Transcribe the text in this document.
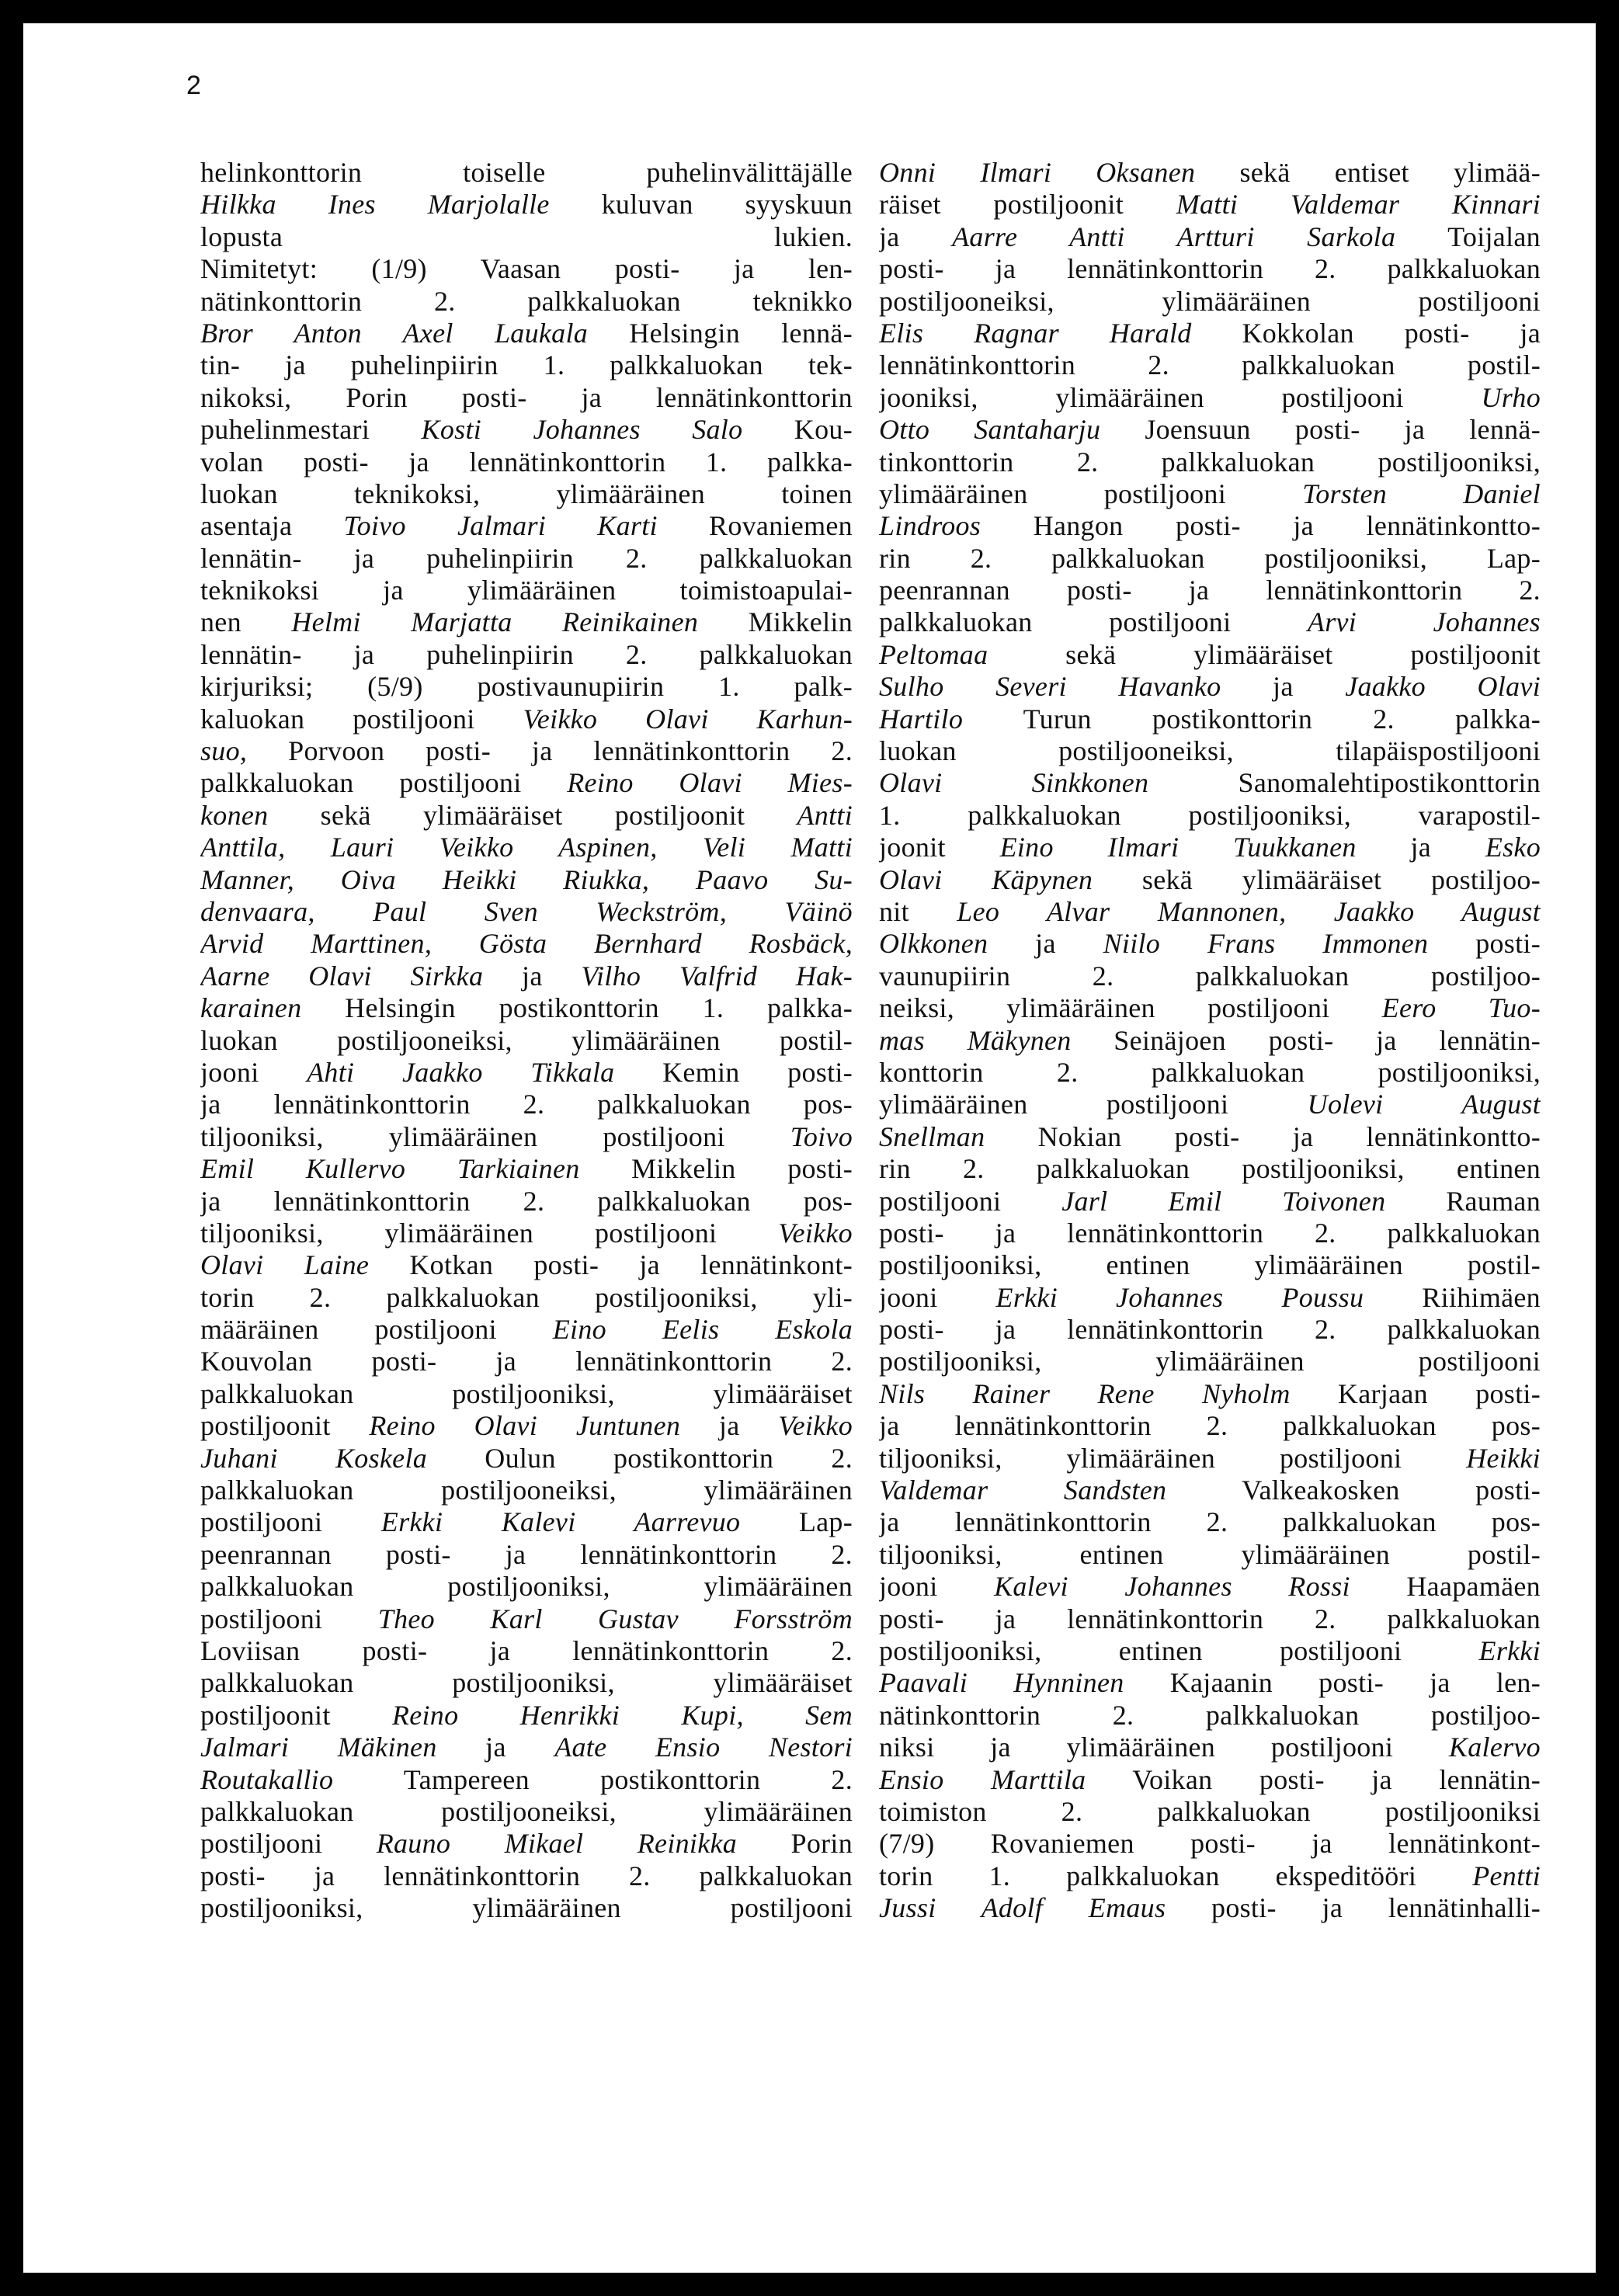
2
helinkonttorin toiselle puhelinvälittäjälle
Hilkka Ines Marjolalle kuluvan syyskuun
lopusta lukien.
Nimitetyt: (1/9) Vaasan posti- ja len-
nätinkonttorin 2. palkkaluokan teknikko
Bror Anton Axel Laukala Helsingin lennä-
tin- ja puhelinpiirin 1. palkkaluokan tek-
nikoksi, Porin posti- ja lennätinkonttorin
puhelinmestari Kosti Johannes Salo Kou-
volan posti- ja lennätinkonttorin 1. palkka-
luokan teknikoksi, ylimääräinen toinen
asentaja Toivo Jalmari Karti Rovaniemen
lennätin- ja puhelinpiirin 2. palkkaluokan
teknikoksi ja ylimääräinen toimistoapulai-
nen Helmi Marjatta Reinikainen Mikkelin
lennätin- ja puhelinpiirin 2. palkkaluokan
kirjuriksi; (5/9) postivaunupiirin 1. palk-
kaluokan postiljooni Veikko Olavi Karhun-
suo, Porvoon posti- ja lennätinkonttorin 2.
palkkaluokan postiljooni Reino Olavi Mies-
konen sekä ylimääräiset postiljoonit Antti
Anttila, Lauri Veikko Aspinen, Veli Matti
Manner, Oiva Heikki Riukka, Paavo Su-
denvaara, Paul Sven Weckström, Väinö
Arvid Marttinen, Gösta Bernhard Rosbäck,
Aarne Olavi Sirkka ja Vilho Valfrid Hak-
karainen Helsingin postikonttorin 1. palkka-
luokan postiljooneiksi, ylimääräinen postil-
jooni Ahti Jaakko Tikkala Kemin posti-
ja lennätinkonttorin 2. palkkaluokan pos-
tiljooniksi, ylimääräinen postiljooni Toivo
Emil Kullervo Tarkiainen Mikkelin posti-
ja lennätinkonttorin 2. palkkaluokan pos-
tiljooniksi, ylimääräinen postiljooni Veikko
Olavi Laine Kotkan posti- ja lennätinkont-
torin 2. palkkaluokan postiljooniksi, yli-
määräinen postiljooni Eino Eelis Eskola
Kouvolan posti- ja lennätinkonttorin 2.
palkkaluokan postiljooniksi, ylimääräiset
postiljoonit Reino Olavi Juntunen ja Veikko
Juhani Koskela Oulun postikonttorin 2.
palkkaluokan postiljooneiksi, ylimääräinen
postiljooni Erkki Kalevi Aarrevuo Lap-
peenrannan posti- ja lennätinkonttorin 2.
palkkaluokan postiljooniksi, ylimääräinen
postiljooni Theo Karl Gustav Forsström
Loviisan posti- ja lennätinkonttorin 2.
palkkaluokan postiljooniksi, ylimääräiset
postiljoonit Reino Henrikki Kupi, Sem
Jalmari Mäkinen ja Aate Ensio Nestori
Routakallio Tampereen postikonttorin 2.
palkkaluokan postiljooneiksi, ylimääräinen
postiljooni Rauno Mikael Reinikka Porin
posti- ja lennätinkonttorin 2. palkkaluokan
postiljooniksi, ylimääräinen postiljooni
Onni Ilmari Oksanen sekä entiset ylimää-
räiset postiljoonit Matti Valdemar Kinnari
ja Aarre Antti Artturi Sarkola Toijalan
posti- ja lennätinkonttorin 2. palkkaluokan
postiljooneiksi, ylimääräinen postiljooni
Elis Ragnar Harald Kokkolan posti- ja
lennätinkonttorin 2. palkkaluokan postil-
jooniksi, ylimääräinen postiljooni Urho
Otto Santaharju Joensuun posti- ja lennä-
tinkonttorin 2. palkkaluokan postiljooniksi,
ylimääräinen postiljooni Torsten Daniel
Lindroos Hangon posti- ja lennätinkontto-
rin 2. palkkaluokan postiljooniksi, Lap-
peenrannan posti- ja lennätinkonttorin 2.
palkkaluokan postiljooni Arvi Johannes
Peltomaa sekä ylimääräiset postiljoonit
Sulho Severi Havanko ja Jaakko Olavi
Hartilo Turun postikonttorin 2. palkka-
luokan postiljooneiksi, tilapäispostiljooni
Olavi Sinkkonen Sanomalehtipostikonttorin
1. palkkaluokan postiljooniksi, varapostil-
joonit Eino Ilmari Tuukkanen ja Esko
Olavi Käpynen sekä ylimääräiset postiljoo-
nit Leo Alvar Mannonen, Jaakko August
Olkkonen ja Niilo Frans Immonen posti-
vaunupiirin 2. palkkaluokan postiljoo-
neiksi, ylimääräinen postiljooni Eero Tuo-
mas Mäkynen Seinäjoen posti- ja lennätin-
konttorin 2. palkkaluokan postiljooniksi,
ylimääräinen postiljooni Uolevi August
Snellman Nokian posti- ja lennätinkontto-
rin 2. palkkaluokan postiljooniksi, entinen
postiljooni Jarl Emil Toivonen Rauman
posti- ja lennätinkonttorin 2. palkkaluokan
postiljooniksi, entinen ylimääräinen postil-
jooni Erkki Johannes Poussu Riihimäen
posti- ja lennätinkonttorin 2. palkkaluokan
postiljooniksi, ylimääräinen postiljooni
Nils Rainer Rene Nyholm Karjaan posti-
ja lennätinkonttorin 2. palkkaluokan pos-
tiljooniksi, ylimääräinen postiljooni Heikki
Valdemar Sandsten Valkeakosken posti-
ja lennätinkonttorin 2. palkkaluokan pos-
tiljooniksi, entinen ylimääräinen postil-
jooni Kalevi Johannes Rossi Haapamäen
posti- ja lennätinkonttorin 2. palkkaluokan
postiljooniksi, entinen postiljooni Erkki
Paavali Hynninen Kajaanin posti- ja len-
nätinkonttorin 2. palkkaluokan postiljoo-
niksi ja ylimääräinen postiljooni Kalervo
Ensio Marttila Voikan posti- ja lennätin-
toimiston 2. palkkaluokan postiljooniksi
(7/9) Rovaniemen posti- ja lennätinkont-
torin 1. palkkaluokan ekspeditööri Pentti
Jussi Adolf Emaus posti- ja lennätinhalli-
